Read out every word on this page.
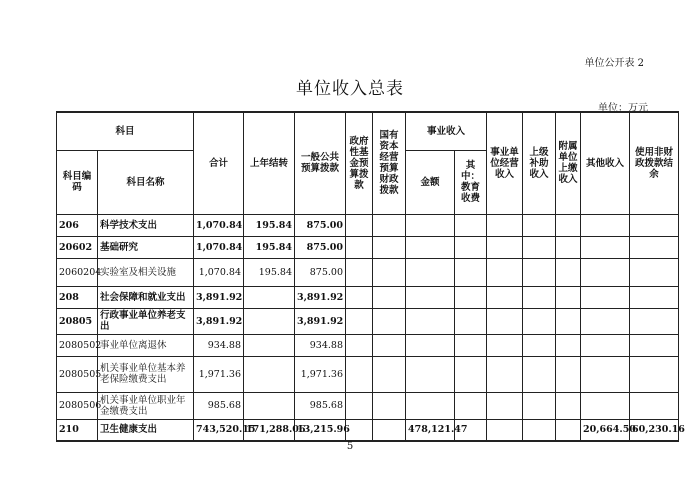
单位公开表 2
单位收入总表
单位：万元
科目		合计	上年结转	一般公共预算拨款	政府性基金预算拨款	国有资本经营预算财政拨款	事业收入		事业单位经营收入	上级补助收入	附属单位上缴收入	其他收入	使用非财政拨款结余
科目编码	科目名称						金额	其中：教育收费					
206	科学技术支出	1,070.84	195.84	875.00									
20602	基础研究	1,070.84	195.84	875.00									
2060204	实验室及相关设施	1,070.84	195.84	875.00									
208	社会保障和就业支出	3,891.92		3,891.92									
20805	行政事业单位养老支出	3,891.92		3,891.92									
2080502	事业单位离退休	934.88		934.88									
2080505	机关事业单位基本养老保险缴费支出	1,971.36		1,971.36									
2080506	机关事业单位职业年金缴费支出	985.68		985.68									
210	卫生健康支出	743,520.15	171,288.06	13,215.96			478,121.47					20,664.50	60,230.16
5
